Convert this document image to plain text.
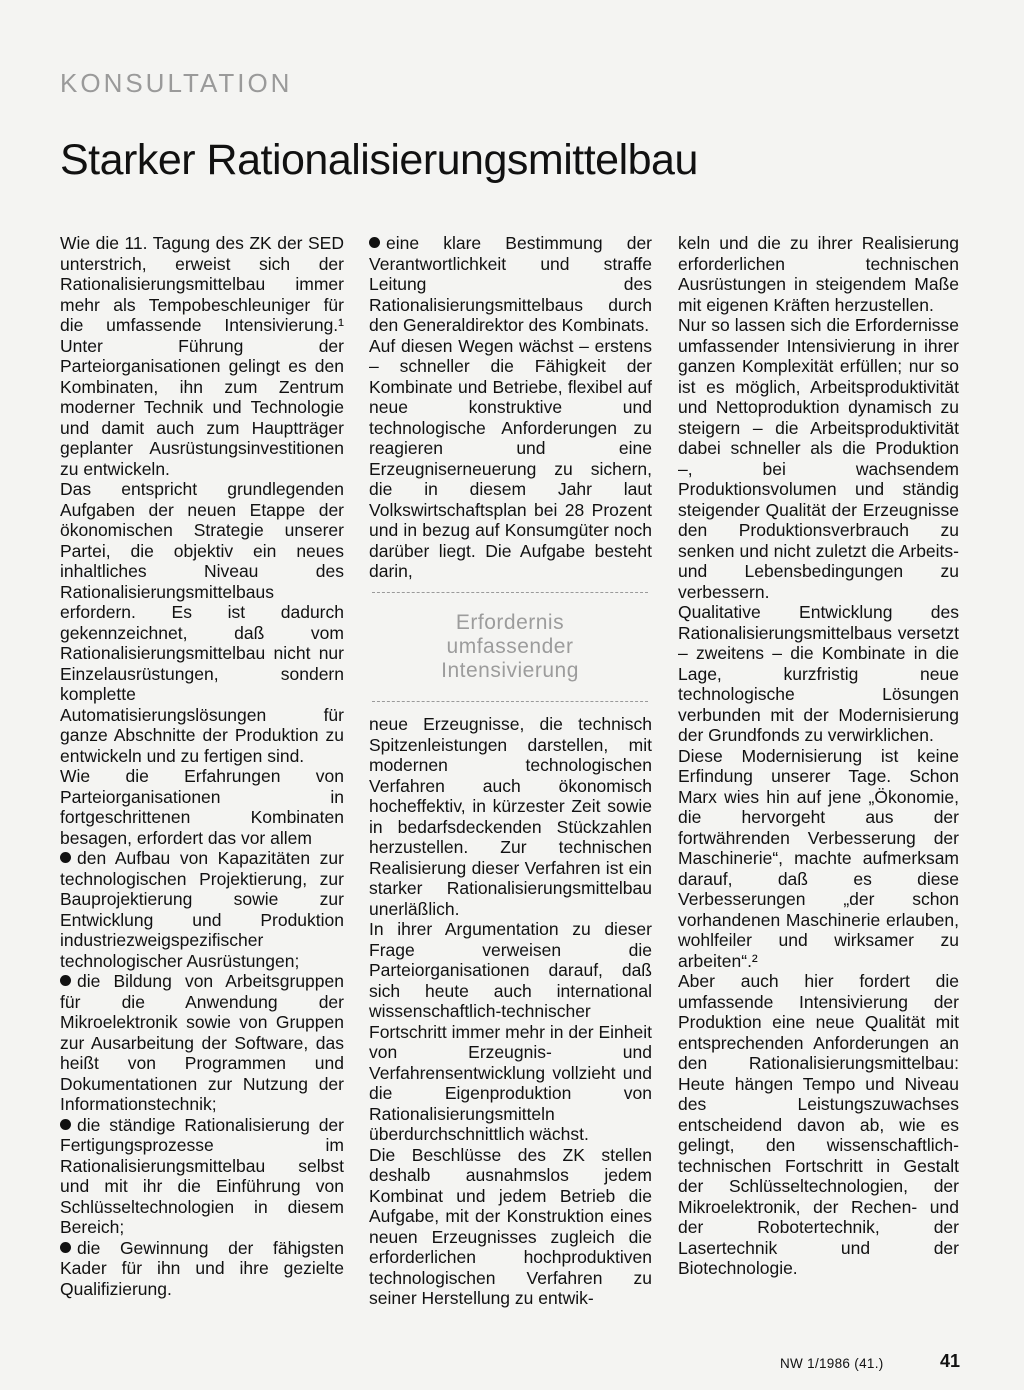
KONSULTATION
Starker Rationalisierungsmittelbau

Wie die 11. Tagung des ZK der SED unterstrich, erweist sich der Rationalisierungsmittelbau immer mehr als Tempobeschleuniger für die umfassende Intensivierung.¹ Unter Führung der Parteiorganisationen gelingt es den Kombinaten, ihn zum Zentrum moderner Technik und Technologie und damit auch zum Hauptträger geplanter Ausrüstungsinvestitionen zu entwickeln.

Das entspricht grundlegenden Aufgaben der neuen Etappe der ökonomischen Strategie unserer Partei, die objektiv ein neues inhaltliches Niveau des Rationalisierungsmittelbaus erfordern. Es ist dadurch gekennzeichnet, daß vom Rationalisierungsmittelbau nicht nur Einzelausrüstungen, sondern komplette Automatisierungslösungen für ganze Abschnitte der Produktion zu entwickeln und zu fertigen sind.

Wie die Erfahrungen von Parteiorganisationen in fortgeschrittenen Kombinaten besagen, erfordert das vor allem

den Aufbau von Kapazitäten zur technologischen Projektierung, zur Bauprojektierung sowie zur Entwicklung und Produktion industriezweigspezifischer technologischer Ausrüstungen;

die Bildung von Arbeitsgruppen für die Anwendung der Mikroelektronik sowie von Gruppen zur Ausarbeitung der Software, das heißt von Programmen und Dokumentationen zur Nutzung der Informationstechnik;

die ständige Rationalisierung der Fertigungsprozesse im Rationalisierungsmittelbau selbst und mit ihr die Einführung von Schlüsseltechnologien in diesem Bereich;

die Gewinnung der fähigsten Kader für ihn und ihre gezielte Qualifizierung.

eine klare Bestimmung der Verantwortlichkeit und straffe Leitung des Rationalisierungsmittelbaus durch den Generaldirektor des Kombinats.

Auf diesen Wegen wächst – erstens – schneller die Fähigkeit der Kombinate und Betriebe, flexibel auf neue konstruktive und technologische Anforderungen zu reagieren und eine Erzeugniserneuerung zu sichern, die in diesem Jahr laut Volkswirtschaftsplan bei 28 Prozent und in bezug auf Konsumgüter noch darüber liegt. Die Aufgabe besteht darin,

Erfordernis
umfassender
Intensivierung

neue Erzeugnisse, die technisch Spitzenleistungen darstellen, mit modernen technologischen Verfahren auch ökonomisch hocheffektiv, in kürzester Zeit sowie in bedarfsdeckenden Stückzahlen herzustellen. Zur technischen Realisierung dieser Verfahren ist ein starker Rationalisierungsmittelbau unerläßlich.

In ihrer Argumentation zu dieser Frage verweisen die Parteiorganisationen darauf, daß sich heute auch international wissenschaftlich-technischer Fortschritt immer mehr in der Einheit von Erzeugnis- und Verfahrensentwicklung vollzieht und die Eigenproduktion von Rationalisierungsmitteln überdurchschnittlich wächst.

Die Beschlüsse des ZK stellen deshalb ausnahmslos jedem Kombinat und jedem Betrieb die Aufgabe, mit der Konstruktion eines neuen Erzeugnisses zugleich die erforderlichen hochproduktiven technologischen Verfahren zu seiner Herstellung zu entwik-

keln und die zu ihrer Realisierung erforderlichen technischen Ausrüstungen in steigendem Maße mit eigenen Kräften herzustellen.

Nur so lassen sich die Erfordernisse umfassender Intensivierung in ihrer ganzen Komplexität erfüllen; nur so ist es möglich, Arbeitsproduktivität und Nettoproduktion dynamisch zu steigern – die Arbeitsproduktivität dabei schneller als die Produktion –, bei wachsendem Produktionsvolumen und ständig steigender Qualität der Erzeugnisse den Produktionsverbrauch zu senken und nicht zuletzt die Arbeits- und Lebensbedingungen zu verbessern.

Qualitative Entwicklung des Rationalisierungsmittelbaus versetzt – zweitens – die Kombinate in die Lage, kurzfristig neue technologische Lösungen verbunden mit der Modernisierung der Grundfonds zu verwirklichen.

Diese Modernisierung ist keine Erfindung unserer Tage. Schon Marx wies hin auf jene „Ökonomie, die hervorgeht aus der fortwährenden Verbesserung der Maschinerie“, machte aufmerksam darauf, daß es diese Verbesserungen „der schon vorhandenen Maschinerie erlauben, wohlfeiler und wirksamer zu arbeiten“.²

Aber auch hier fordert die umfassende Intensivierung der Produktion eine neue Qualität mit entsprechenden Anforderungen an den Rationalisierungsmittelbau: Heute hängen Tempo und Niveau des Leistungszuwachses entscheidend davon ab, wie es gelingt, den wissenschaftlich-technischen Fortschritt in Gestalt der Schlüsseltechnologien, der Mikroelektronik, der Rechen- und der Robotertechnik, der Lasertechnik und der Biotechnologie.

NW 1/1986 (41.)	41
